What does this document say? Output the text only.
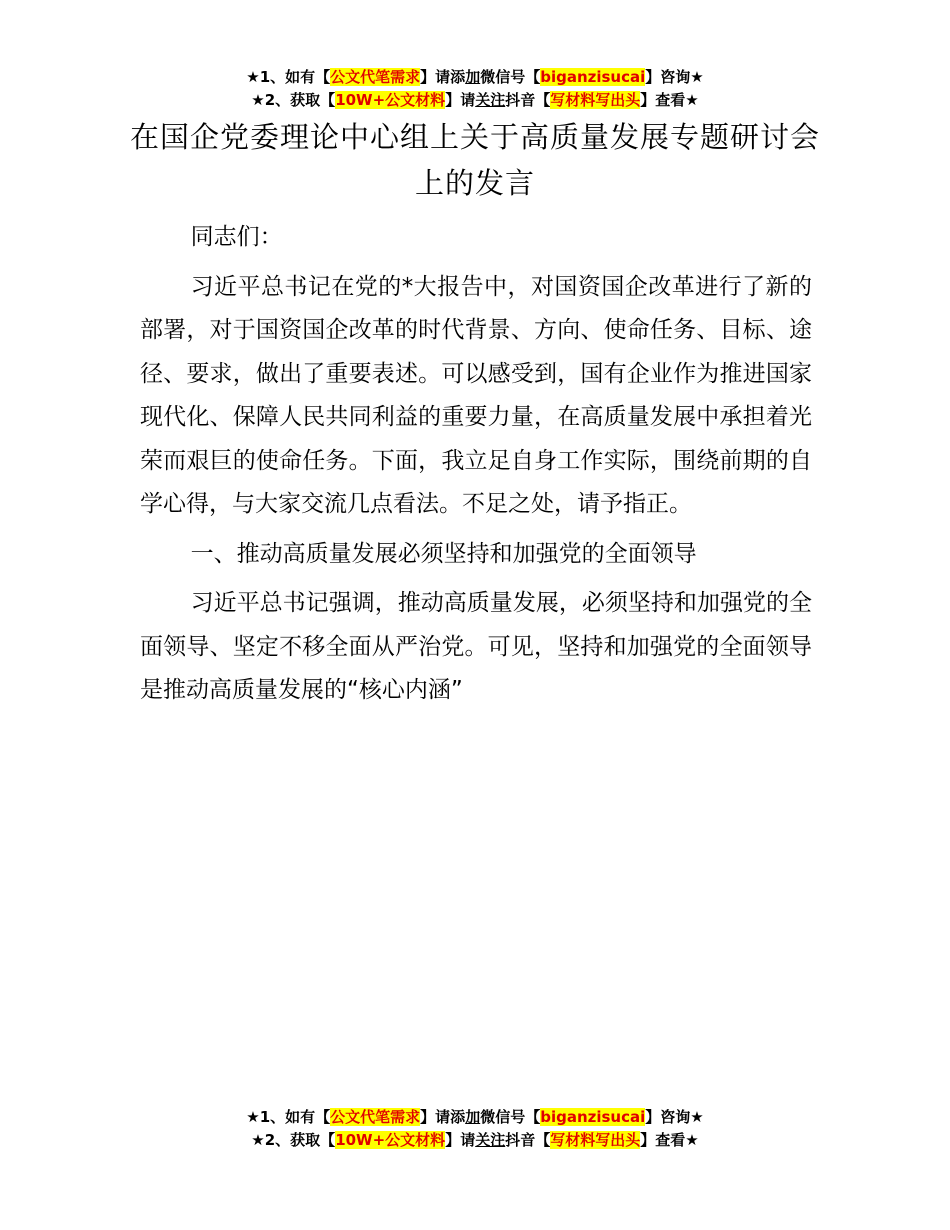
★1、如有【公文代笔需求】请添加微信号【biganzisucai】咨询★
★2、获取【10W+公文材料】请关注抖音【写材料写出头】查看★
在国企党委理论中心组上关于高质量发展专题研讨会上的发言

同志们：

习近平总书记在党的*大报告中，对国资国企改革进行了新的部署，对于国资国企改革的时代背景、方向、使命任务、目标、途径、要求，做出了重要表述。可以感受到，国有企业作为推进国家现代化、保障人民共同利益的重要力量，在高质量发展中承担着光荣而艰巨的使命任务。下面，我立足自身工作实际，围绕前期的自学心得，与大家交流几点看法。不足之处，请予指正。

一、推动高质量发展必须坚持和加强党的全面领导

习近平总书记强调，推动高质量发展，必须坚持和加强党的全面领导、坚定不移全面从严治党。可见，坚持和加强党的全面领导是推动高质量发展的“核心内涵”

★1、如有【公文代笔需求】请添加微信号【biganzisucai】咨询★
★2、获取【10W+公文材料】请关注抖音【写材料写出头】查看★
